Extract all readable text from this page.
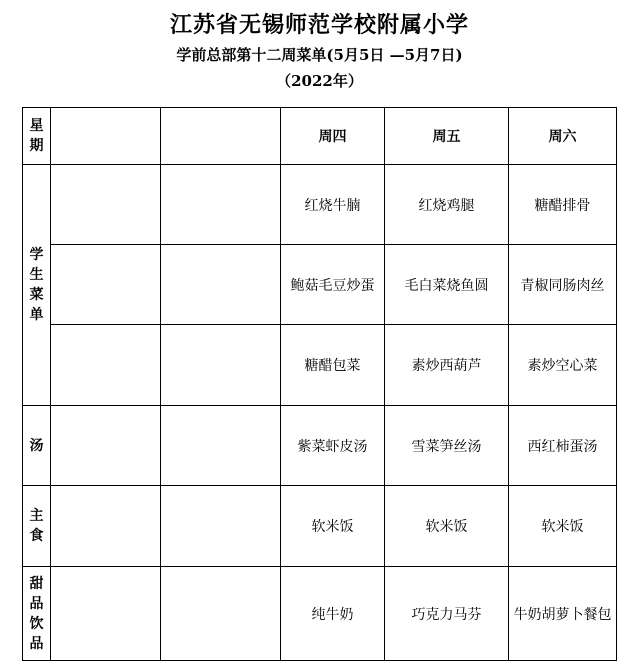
江苏省无锡师范学校附属小学
学前总部第十二周菜单(5月5日 —5月7日)
（2022年）
星期			周四	周五	周六
学生菜单			红烧牛腩	红烧鸡腿	糖醋排骨
			鲍菇毛豆炒蛋	毛白菜烧鱼圆	青椒同肠肉丝
			糖醋包菜	素炒西葫芦	素炒空心菜
汤			紫菜虾皮汤	雪菜笋丝汤	西红柿蛋汤
主食			软米饭	软米饭	软米饭
甜品饮品			纯牛奶	巧克力马芬	牛奶胡萝卜餐包
